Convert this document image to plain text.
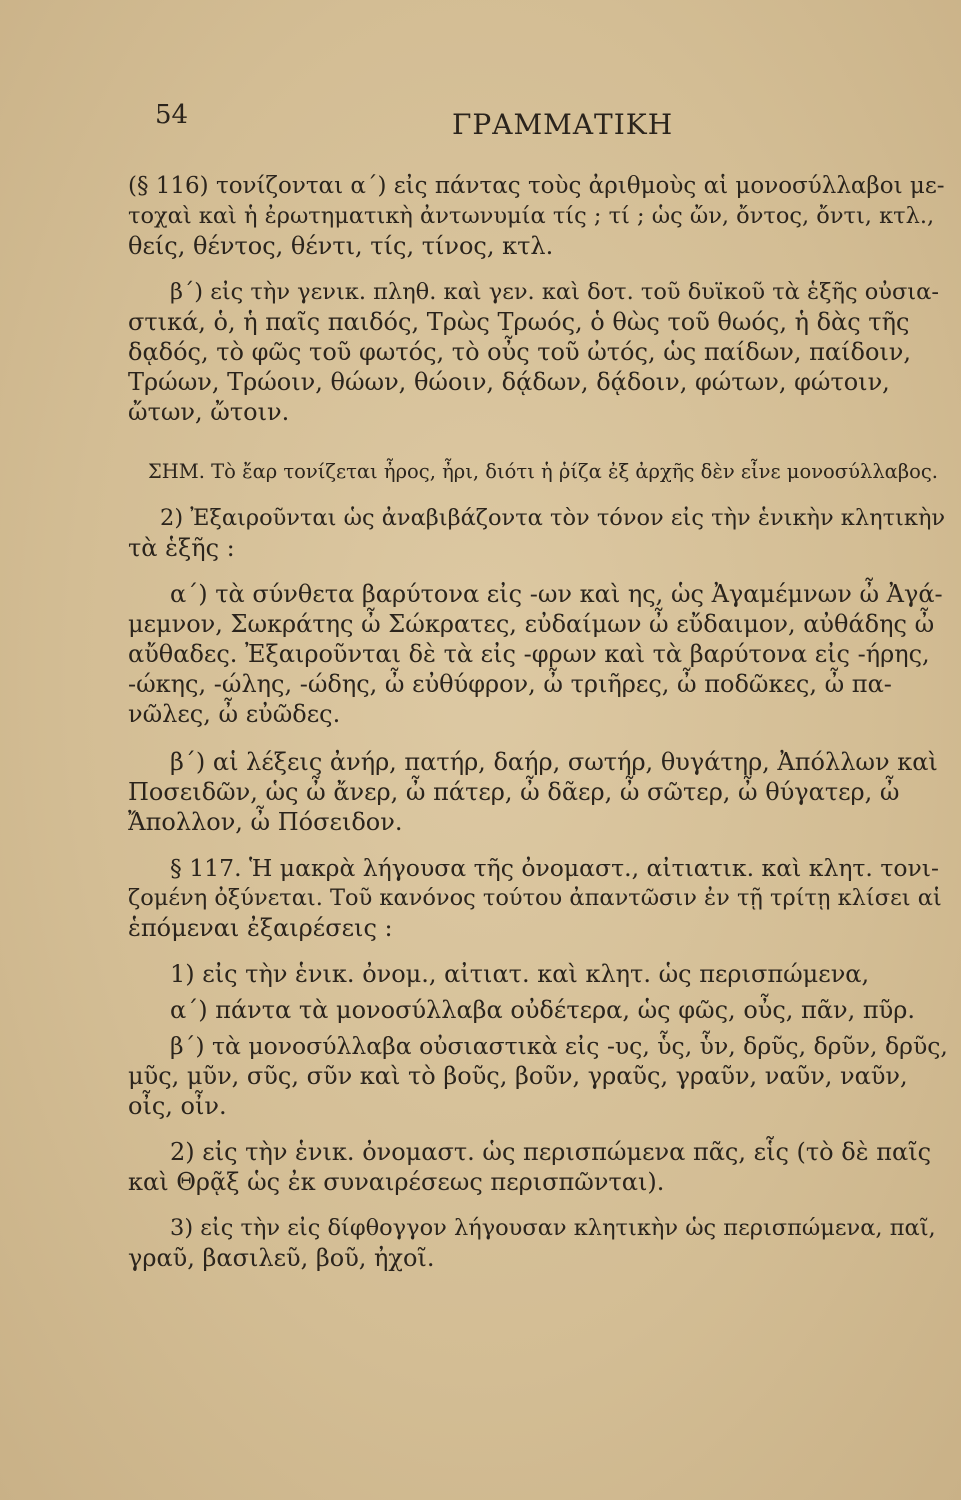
54	ΓΡΑΜΜΑΤΙΚΗ
(§ 116) τονίζονται α΄) εἰς πάντας τοὺς ἀριθμοὺς αἱ μονοσύλλαβοι με-
τοχαὶ καὶ ἡ ἐρωτηματικὴ ἀντωνυμία τίς ; τί ; ὡς ὤν, ὄντος, ὄντι, κτλ.,
θείς, θέντος, θέντι, τίς, τίνος, κτλ.
β΄) εἰς τὴν γενικ. πληθ. καὶ γεν. καὶ δοτ. τοῦ δυϊκοῦ τὰ ἑξῆς οὐσια-
στικά, ὁ, ἡ παῖς παιδός, Τρὼς Τρωός, ὁ θὼς τοῦ θωός, ἡ δὰς τῆς
δᾳδός, τὸ φῶς τοῦ φωτός, τὸ οὖς τοῦ ὠτός, ὡς παίδων, παίδοιν,
Τρώων, Τρώοιν, θώων, θώοιν, δᾴδων, δᾴδοιν, φώτων, φώτοιν,
ὤτων, ὤτοιν.
ΣΗΜ. Τὸ ἔαρ τονίζεται ἦρος, ἦρι, διότι ἡ ῥίζα ἐξ ἀρχῆς δὲν εἶνε μονοσύλλαβος.
2) Ἐξαιροῦνται ὡς ἀναβιβάζοντα τὸν τόνον εἰς τὴν ἑνικὴν κλητικὴν
τὰ ἑξῆς :
α΄) τὰ σύνθετα βαρύτονα εἰς -ων καὶ ης, ὡς Ἀγαμέμνων ὦ Ἀγά-
μεμνον, Σωκράτης ὦ Σώκρατες, εὐδαίμων ὦ εὔδαιμον, αὐθάδης ὦ
αὔθαδες. Ἐξαιροῦνται δὲ τὰ εἰς -φρων καὶ τὰ βαρύτονα εἰς -ήρης,
-ώκης, -ώλης, -ώδης, ὦ εὐθύφρον, ὦ τριῆρες, ὦ ποδῶκες, ὦ πα-
νῶλες, ὦ εὐῶδες.
β΄) αἱ λέξεις ἀνήρ, πατήρ, δαήρ, σωτήρ, θυγάτηρ, Ἀπόλλων καὶ
Ποσειδῶν, ὡς ὦ ἄνερ, ὦ πάτερ, ὦ δᾶερ, ὦ σῶτερ, ὦ θύγατερ, ὦ
Ἄπολλον, ὦ Πόσειδον.
§ 117. Ἡ μακρὰ λήγουσα τῆς ὀνομαστ., αἰτιατικ. καὶ κλητ. τονι-
ζομένη ὀξύνεται. Τοῦ κανόνος τούτου ἀπαντῶσιν ἐν τῇ τρίτῃ κλίσει αἱ
ἑπόμεναι ἐξαιρέσεις :
1) εἰς τὴν ἑνικ. ὀνομ., αἰτιατ. καὶ κλητ. ὡς περισπώμενα,
α΄) πάντα τὰ μονοσύλλαβα οὐδέτερα, ὡς φῶς, οὖς, πᾶν, πῦρ.
β΄) τὰ μονοσύλλαβα οὐσιαστικὰ εἰς -υς, ὗς, ὗν, δρῦς, δρῦν, δρῦς,
μῦς, μῦν, σῦς, σῦν καὶ τὸ βοῦς, βοῦν, γραῦς, γραῦν, ναῦν, ναῦν,
οἶς, οἶν.
2) εἰς τὴν ἑνικ. ὀνομαστ. ὡς περισπώμενα πᾶς, εἷς (τὸ δὲ παῖς
καὶ Θρᾷξ ὡς ἐκ συναιρέσεως περισπῶνται).
3) εἰς τὴν εἰς δίφθογγον λήγουσαν κλητικὴν ὡς περισπώμενα, παῖ,
γραῦ, βασιλεῦ, βοῦ, ἠχοῖ.
